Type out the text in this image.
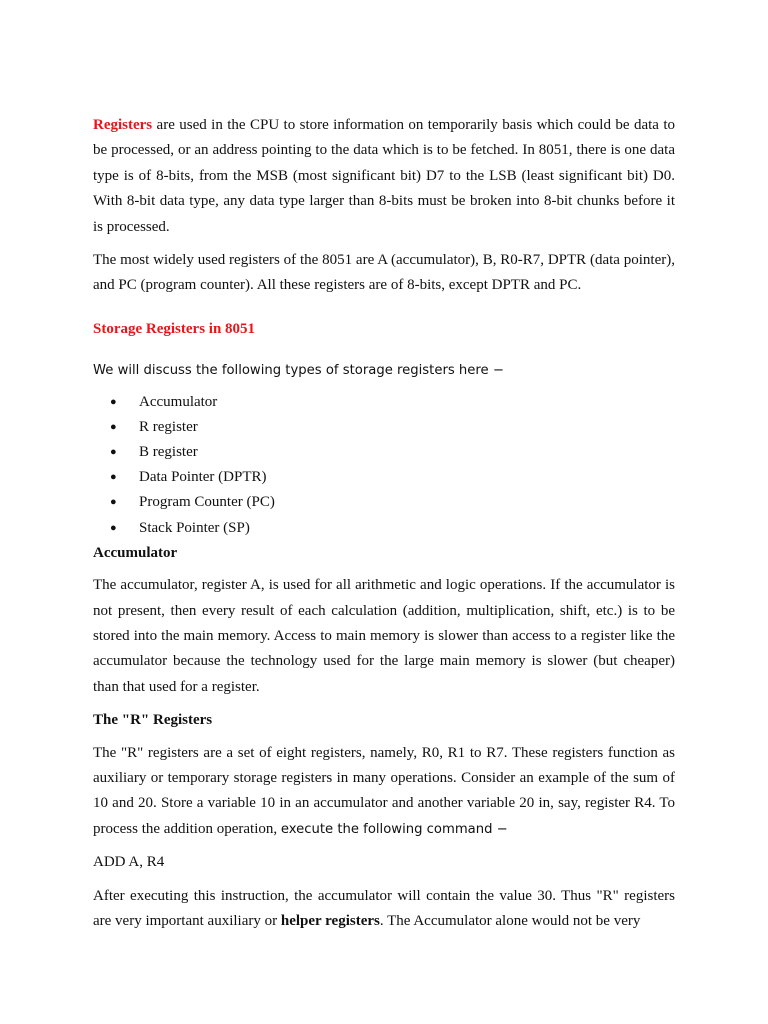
Registers are used in the CPU to store information on temporarily basis which could be data to be processed, or an address pointing to the data which is to be fetched. In 8051, there is one data type is of 8-bits, from the MSB (most significant bit) D7 to the LSB (least significant bit) D0. With 8-bit data type, any data type larger than 8-bits must be broken into 8-bit chunks before it is processed.

The most widely used registers of the 8051 are A (accumulator), B, R0-R7, DPTR (data pointer), and PC (program counter). All these registers are of 8-bits, except DPTR and PC.

Storage Registers in 8051

We will discuss the following types of storage registers here −

● Accumulator
● R register
● B register
● Data Pointer (DPTR)
● Program Counter (PC)
● Stack Pointer (SP)

Accumulator

The accumulator, register A, is used for all arithmetic and logic operations. If the accumulator is not present, then every result of each calculation (addition, multiplication, shift, etc.) is to be stored into the main memory. Access to main memory is slower than access to a register like the accumulator because the technology used for the large main memory is slower (but cheaper) than that used for a register.

The "R" Registers

The "R" registers are a set of eight registers, namely, R0, R1 to R7. These registers function as auxiliary or temporary storage registers in many operations. Consider an example of the sum of 10 and 20. Store a variable 10 in an accumulator and another variable 20 in, say, register R4. To process the addition operation, execute the following command −

ADD A, R4

After executing this instruction, the accumulator will contain the value 30. Thus "R" registers are very important auxiliary or helper registers. The Accumulator alone would not be very
